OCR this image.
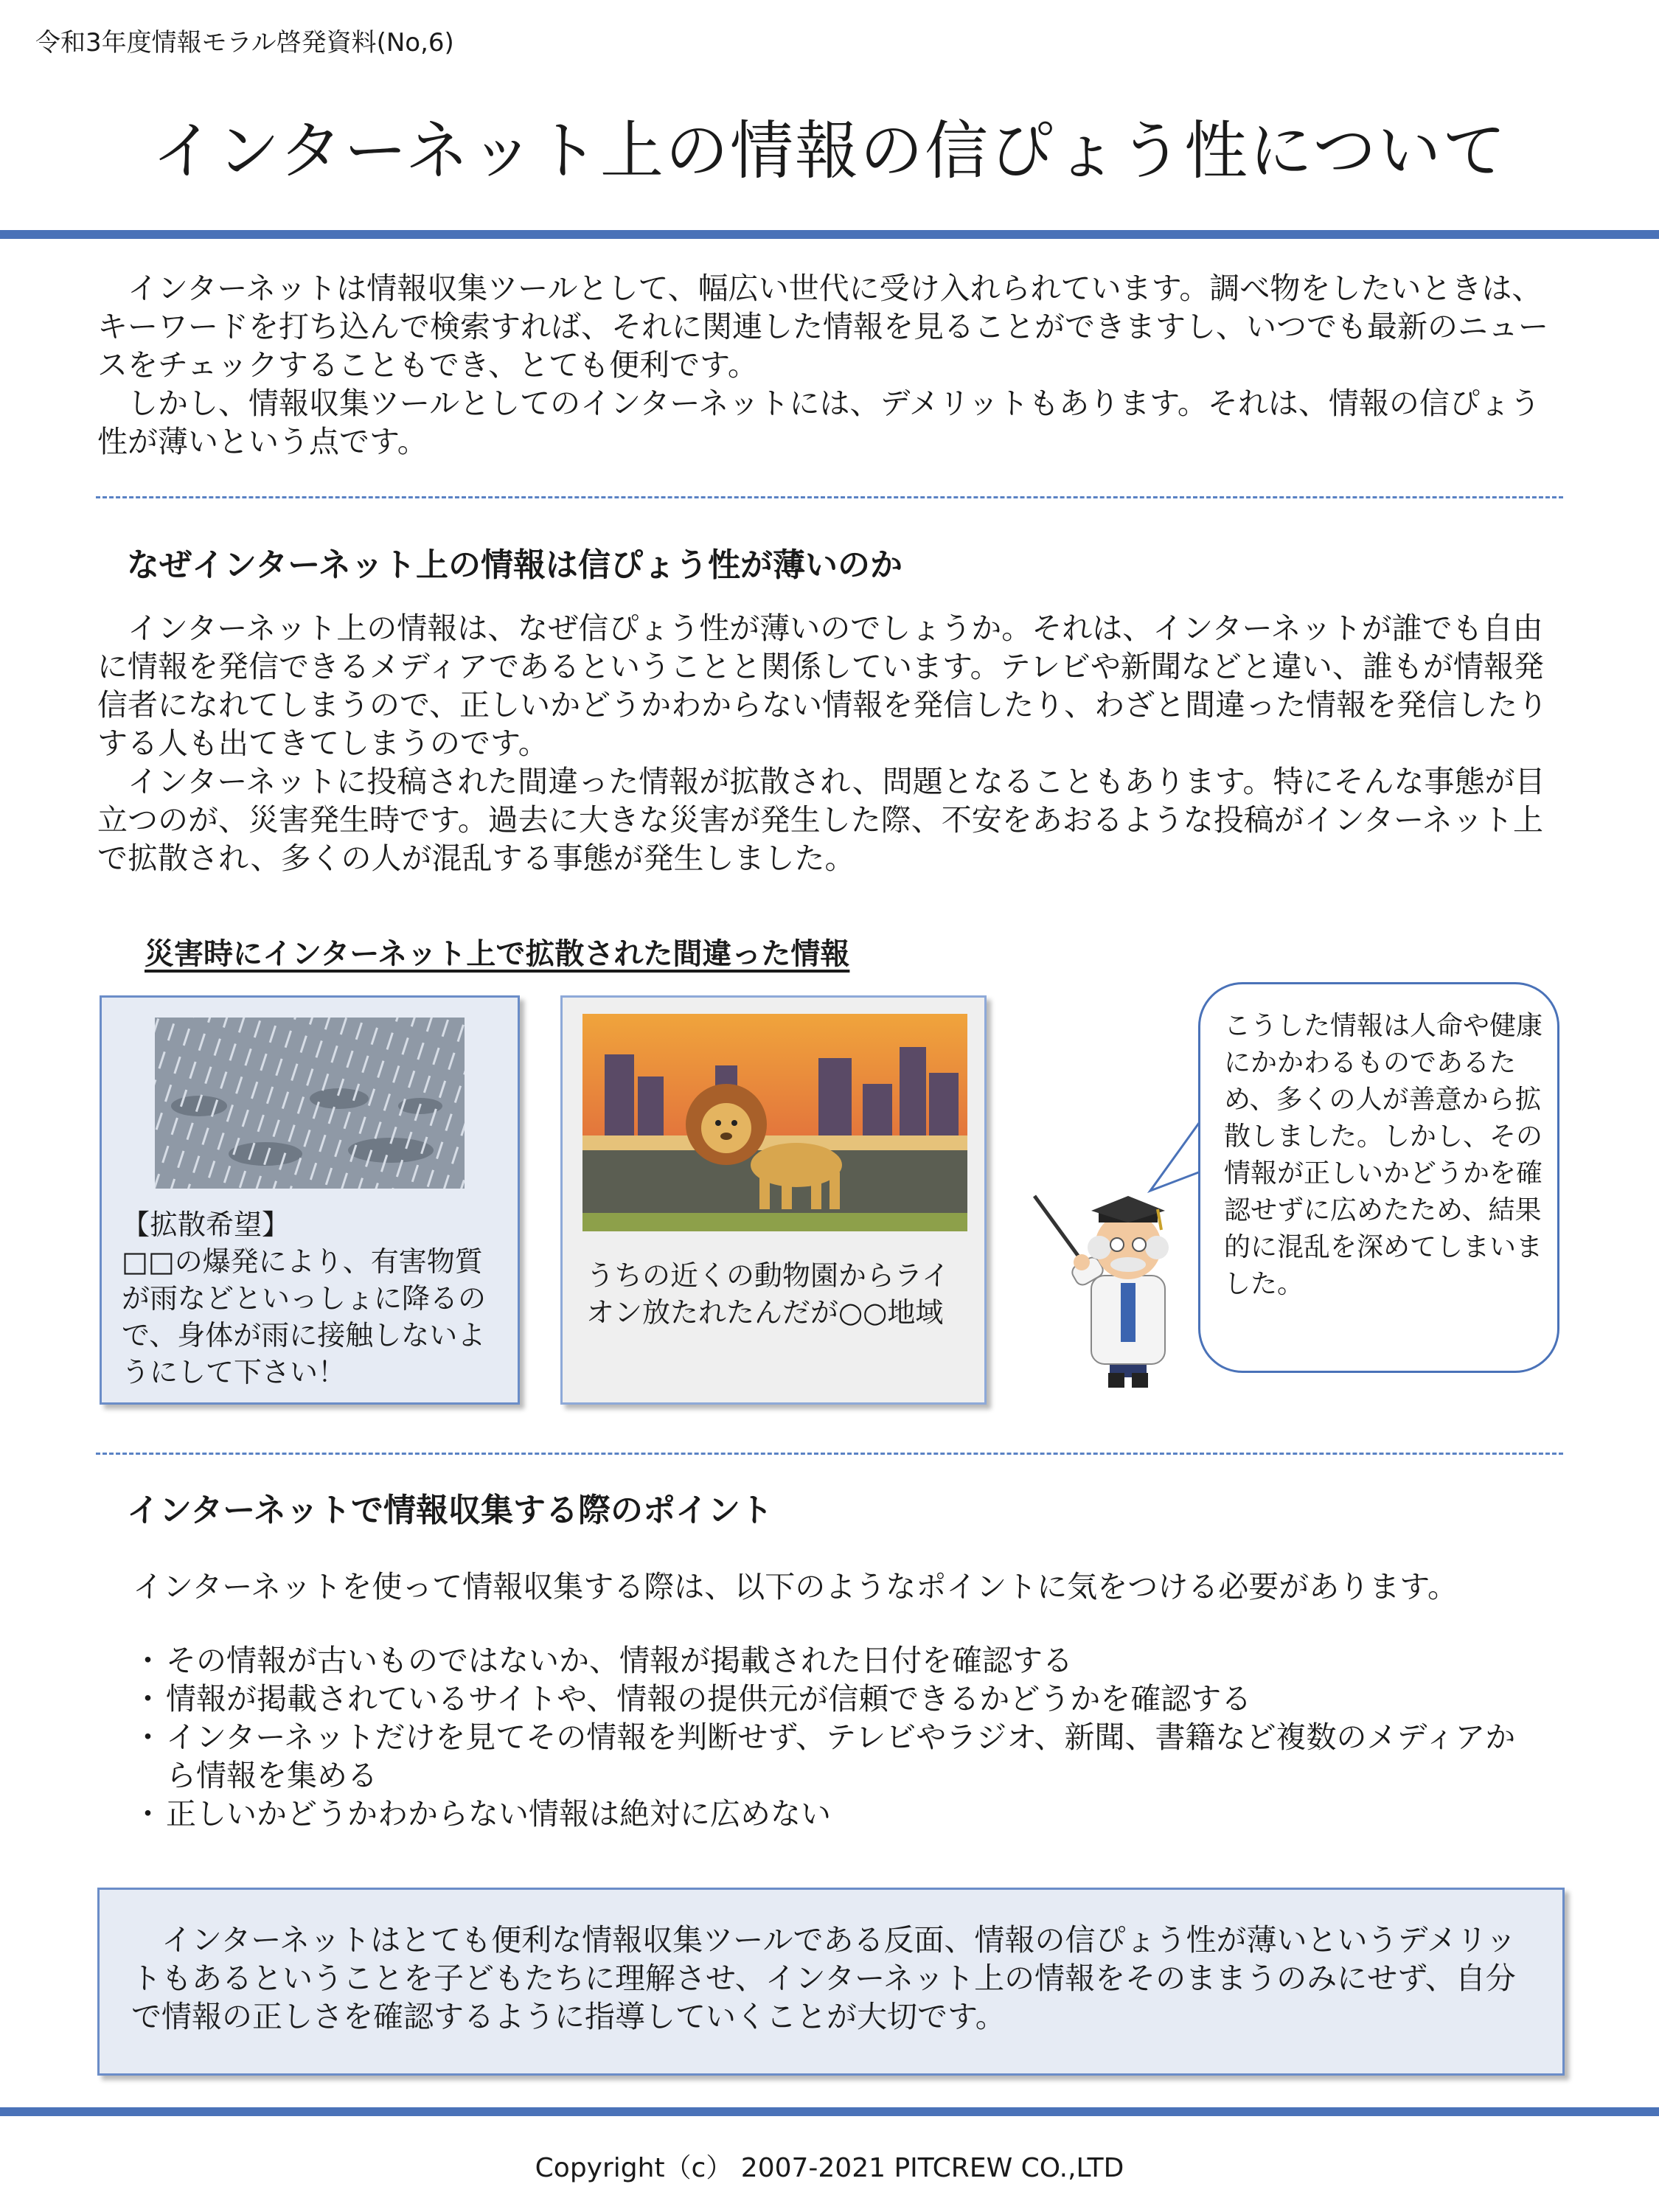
令和3年度情報モラル啓発資料(No,6)
インターネット上の情報の信ぴょう性について

　インターネットは情報収集ツールとして、幅広い世代に受け入れられています。調べ物をしたいときは、キーワードを打ち込んで検索すれば、それに関連した情報を見ることができますし、いつでも最新のニュースをチェックすることもでき、とても便利です。

　しかし、情報収集ツールとしてのインターネットには、デメリットもあります。それは、情報の信ぴょう性が薄いという点です。

なぜインターネット上の情報は信ぴょう性が薄いのか

　インターネット上の情報は、なぜ信ぴょう性が薄いのでしょうか。それは、インターネットが誰でも自由に情報を発信できるメディアであるということと関係しています。テレビや新聞などと違い、誰もが情報発信者になれてしまうので、正しいかどうかわからない情報を発信したり、わざと間違った情報を発信したりする人も出てきてしまうのです。

　インターネットに投稿された間違った情報が拡散され、問題となることもあります。特にそんな事態が目立つのが、災害発生時です。過去に大きな災害が発生した際、不安をあおるような投稿がインターネット上で拡散され、多くの人が混乱する事態が発生しました。

災害時にインターネット上で拡散された間違った情報

【拡散希望】

□□の爆発により、有害物質が雨などといっしょに降るので、身体が雨に接触しないようにして下さい！

うちの近くの動物園からライオン放たれたんだが○○地域

こうした情報は人命や健康にかかわるものであるため、多くの人が善意から拡散しました。しかし、その情報が正しいかどうかを確認せずに広めたため、結果的に混乱を深めてしまいました。

インターネットで情報収集する際のポイント
インターネットを使って情報収集する際は、以下のようなポイントに気をつける必要があります。
・ その情報が古いものではないか、情報が掲載された日付を確認する
・ 情報が掲載されているサイトや、情報の提供元が信頼できるかどうかを確認する
・ インターネットだけを見てその情報を判断せず、テレビやラジオ、新聞、書籍など複数のメディアから情報を集める
・ 正しいかどうかわからない情報は絶対に広めない

　インターネットはとても便利な情報収集ツールである反面、情報の信ぴょう性が薄いというデメリットもあるということを子どもたちに理解させ、インターネット上の情報をそのままうのみにせず、自分で情報の正しさを確認するように指導していくことが大切です。

Copyright（c） 2007-2021 PITCREW CO.,LTD
